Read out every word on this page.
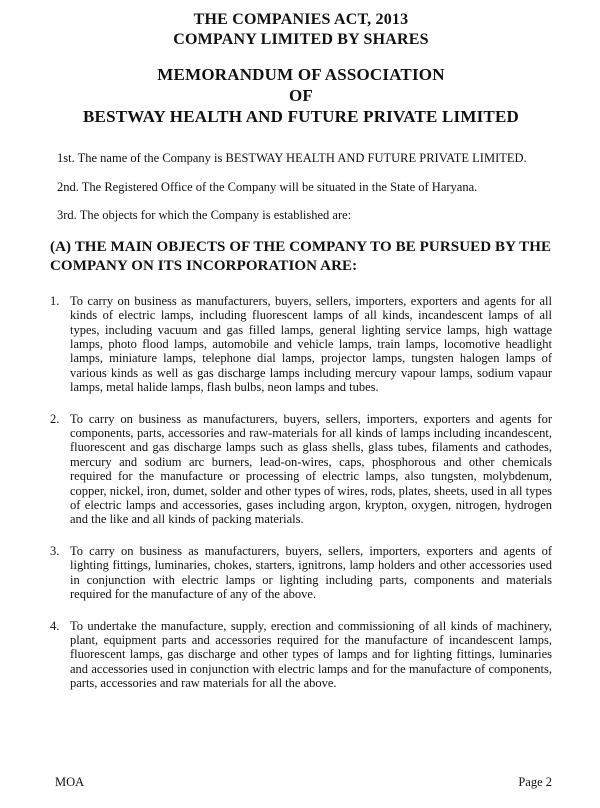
THE COMPANIES ACT, 2013
COMPANY LIMITED BY SHARES
MEMORANDUM OF ASSOCIATION
OF
BESTWAY HEALTH AND FUTURE PRIVATE LIMITED

1st. The name of the Company is BESTWAY HEALTH AND FUTURE PRIVATE LIMITED.

2nd. The Registered Office of the Company will be situated in the State of Haryana.

3rd. The objects for which the Company is established are:

(A) THE MAIN OBJECTS OF THE COMPANY TO BE PURSUED BY THE COMPANY ON ITS INCORPORATION ARE:
1. To carry on business as manufacturers, buyers, sellers, importers, exporters and agents for all kinds of electric lamps, including fluorescent lamps of all kinds, incandescent lamps of all types, including vacuum and gas filled lamps, general lighting service lamps, high wattage lamps, photo flood lamps, automobile and vehicle lamps, train lamps, locomotive headlight lamps, miniature lamps, telephone dial lamps, projector lamps, tungsten halogen lamps of various kinds as well as gas discharge lamps including mercury vapour lamps, sodium vapaur lamps, metal halide lamps, flash bulbs, neon lamps and tubes.
2. To carry on business as manufacturers, buyers, sellers, importers, exporters and agents for components, parts, accessories and raw-materials for all kinds of lamps including incandescent, fluorescent and gas discharge lamps such as glass shells, glass tubes, filaments and cathodes, mercury and sodium arc burners, lead-on-wires, caps, phosphorous and other chemicals required for the manufacture or processing of electric lamps, also tungsten, molybdenum, copper, nickel, iron, dumet, solder and other types of wires, rods, plates, sheets, used in all types of electric lamps and accessories, gases including argon, krypton, oxygen, nitrogen, hydrogen and the like and all kinds of packing materials.
3. To carry on business as manufacturers, buyers, sellers, importers, exporters and agents of lighting fittings, luminaries, chokes, starters, ignitrons, lamp holders and other accessories used in conjunction with electric lamps or lighting including parts, components and materials required for the manufacture of any of the above.
4. To undertake the manufacture, supply, erection and commissioning of all kinds of machinery, plant, equipment parts and accessories required for the manufacture of incandescent lamps, fluorescent lamps, gas discharge and other types of lamps and for lighting fittings, luminaries and accessories used in conjunction with electric lamps and for the manufacture of components, parts, accessories and raw materials for all the above.
MOA	Page 2
